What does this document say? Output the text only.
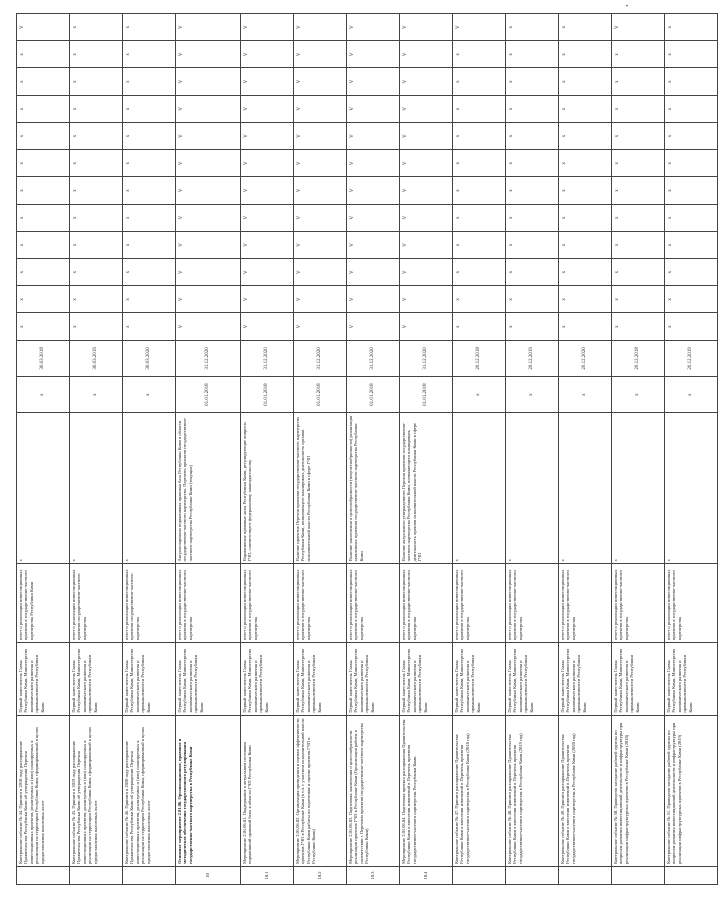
•
	Контрольное событие № 44. Принято в 2018 году распоряжение Правительства Республики Коми об утверждении Перечня инвестиционных проектов, реализуемых и (или) планируемых к реализации на территории Республики Коми, сформированный в целях предоставления налоговых льгот	Первый заместитель Главы Республики Коми, Министерство экономического развития и промышленности Республики Коми	отчет о реализации инвестиционных проектов в государственно-частного партнерства Республики Коми	x	x	30.03.2018	x	x	x	x	x	x	x	x	x	x	x	V
	Контрольное событие № 45. Принято в 2019 году распоряжение Правительства Республики Коми об утверждении Перечня инвестиционных проектов, реализуемых и (или) планируемых к реализации на территории Республики Коми, сформированный в целях предоставления налоговых льгот	Первый заместитель Главы Республики Коми, Министерство экономического развития и промышленности Республики Коми	отчет о реализации инвестиционных проектов государственно-частного партнерства	x	x	30.03.2019	x	x	x	x	x	x	x	x	x	x	x	x
	Контрольное событие № 46. Принято в 2020 году распоряжение Правительства Республики Коми об утверждении Перечня инвестиционных проектов, реализуемых и (или) планируемых к реализации на территории Республики Коми, сформированный в целях предоставления налоговых льгот	Первый заместитель Главы Республики Коми, Министерство экономического развития и промышленности Республики Коми	отчет о реализации инвестиционных проектов государственно-частного партнерства	x	x	30.03.2020	x	x	x	x	x	x	x	x	x	x	x	x
10	Основное мероприятие 2.01.06. Организационное, правовое и методическое обеспечение государственного регулирования государственно-частного партнерства в Республике Коми	Первый заместитель Главы Республики Коми, Министерство экономического развития и промышленности Республики Коми	отчет о реализации инвестиционных проектов в государственно-частного партнерства	Актуализирована нормативная правовая база Республики Коми в области государственно-частного партнерства. Переченъ проектов государственно-частного партнерства Республики Коми (текущие)	01.01.2018	31.12.2020	V	V	V	V	V	V	V	V	V	V	V	V
10.1	Мероприятие 2.01.06.01. Поддержание в актуальном состоянии нормативной правовой базы в области ГЧП Республики Коми	Первый заместитель Главы Республики Коми, Министерство экономического развития и промышленности Республики Коми	отчет о реализации инвестиционных проектов в государственно-частного партнерства	Нормативные правовые акты Республики Коми, регулирующие вопросы ГЧП, соответствуют федеральному законодательству	01.01.2018	31.12.2020	V	V	V	V	V	V	V	V	V	V	V	V
10.2	Мероприятие 2.01.06.02. Организация проведения и оценки эффективности проектов ГЧП в Республике Коми (в т.ч. с участием исполнительной власти Республики Коми работы по подготовке и оценке проектов ГЧП в Республике Коми)	Первый заместитель Главы Республики Коми, Министерство экономического развития и промышленности Республики Коми	отчет о реализации инвестиционных проектов в государственно-частного партнерства	Наличие проектов Перечня проектов государственно-частного партнерства Республики Коми, позволяющего планировать деятельность органов исполнительной власти Республики Коми в сфере ГЧП	01.01.2018	31.12.2020	V	V	V	V	V	V	V	V	V	V	V	V
10.3	Мероприятие 2.01.06.03. Подготовка заключения о целесообразности реализации проектов ГЧП в Республике Коми (Организация работы в соответствии с Перечнем проектов государственно-частного партнерства Республики Коми)	Первый заместитель Главы Республики Коми, Министерство экономического развития и промышленности Республики Коми	отчет о реализации инвестиционных проектов в государственно-частного партнерства	Наличие заключения о целесообразности (нецелесообразности) реализации заявленных проектов государственно-частного партнерства Республики Коми	01.01.2018	31.12.2020	V	V	V	V	V	V	V	V	V	V	V	V
10.4	Мероприятие 2.01.06.04. Подготовка проекта распоряжения Правительства Республики Коми о внесении изменений в Перечень проектов государственно-частного партнерства Республики Коми	Первый заместитель Главы Республики Коми, Министерство экономического развития и промышленности Республики Коми	отчет о реализации инвестиционных проектов в государственно-частного партнерства	Наличие актуального утвержденного Перечня проектов государственно-частного партнерства Республики Коми, позволяющего планировать деятельность органов исполнительной власти Республики Коми в сфере ГЧП	01.01.2018	31.12.2020	V	V	V	V	V	V	V	V	V	V	V	V
	Контрольное событие № 47. Принято распоряжение Правительства Республики Коми о внесении изменений в Перечень проектов государственно-частного партнерства в Республике Коми (2018 год)	Первый заместитель Главы Республики Коми, Министерство экономического развития и промышленности Республики Коми	отчет о реализации инвестиционных проектов в государственно-частного партнерства	x	x	20.12.2018	x	x	x	x	x	x	x	x	x	x	x	V
	Контрольное событие № 48. Принято распоряжение Правительства Республики Коми о внесении изменений в Перечень проектов государственно-частного партнерства в Республике Коми (2019 год)	Первый заместитель Главы Республики Коми, Министерство экономического развития и промышленности Республики Коми	отчет о реализации инвестиционных проектов в государственно-частного партнерства	x	x	20.12.2019	x	x	x	x	x	x	x	x	x	x	x	x
	Контрольное событие № 49. Принято распоряжение Правительства Республики Коми о внесении изменений в Перечень проектов государственно-частного партнерства в Республике Коми (2020 год)	Первый заместитель Главы Республики Коми, Министерство экономического развития и промышленности Республики Коми	отчет о реализации инвестиционных проектов в государственно-частного партнерства	x	x	20.12.2020	x	x	x	x	x	x	x	x	x	x	x	x
	Контрольное событие № 50. Проведено заседание рабочей группы по вопросам развития инвестиционной деятельности и инфраструктуры при реализации инфраструктурных проектов в Республике Коми (2018)	Первый заместитель Главы Республики Коми, Министерство экономического развития и промышленности Республики Коми	отчет о реализации инвестиционных проектов в государственно-частного партнерства	x	x	20.12.2018	x	x	x	x	x	x	x	x	x	x	x	V
	Контрольное событие № 51. Проведено заседание рабочей группы по вопросам развития инвестиционной деятельности и инфраструктуры при реализации инфраструктурных проектов в Республике Коми (2019)	Первый заместитель Главы Республики Коми, Министерство экономического развития и промышленности Республики Коми	отчет о реализации инвестиционных проектов в государственно-частного партнерства	x	x	20.12.2019	x	x	x	x	x	x	x	x	x	x	x	x
